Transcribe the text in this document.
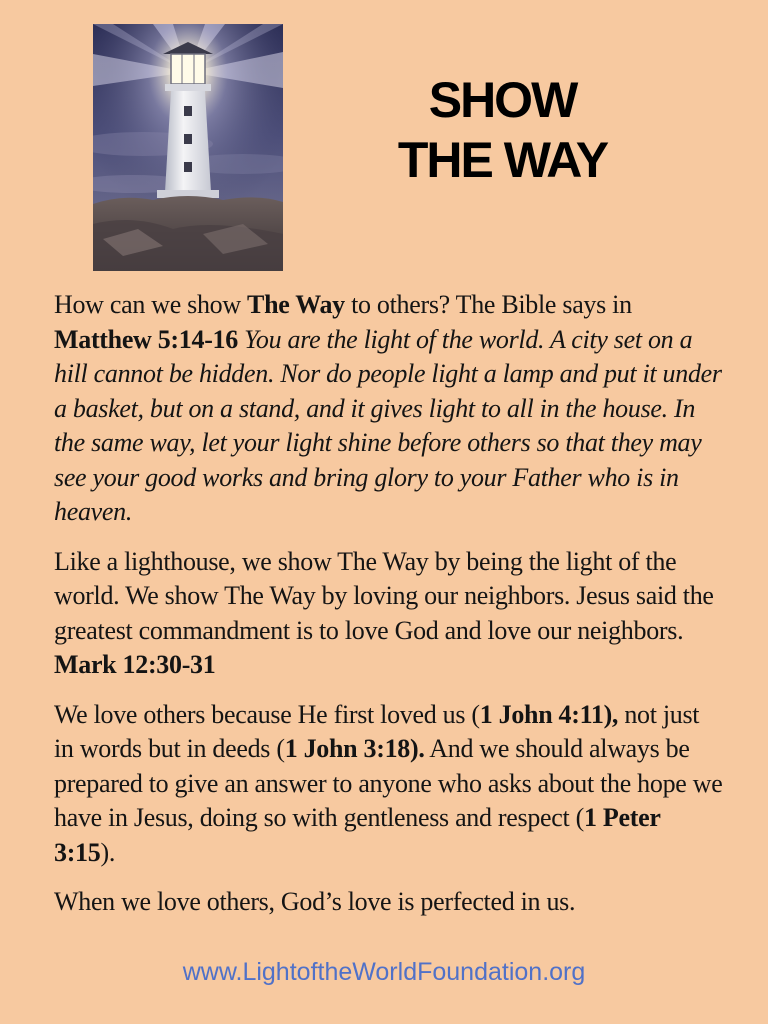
SHOW
THE WAY

How can we show The Way to others? The Bible says in Matthew 5:14-16 You are the light of the world. A city set on a hill cannot be hidden. Nor do people light a lamp and put it under a basket, but on a stand, and it gives light to all in the house. In the same way, let your light shine before others so that they may see your good works and bring glory to your Father who is in heaven.

Like a lighthouse, we show The Way by being the light of the world. We show The Way by loving our neighbors. Jesus said the greatest commandment is to love God and love our neighbors. Mark 12:30-31

We love others because He first loved us (1 John 4:11), not just in words but in deeds (1 John 3:18). And we should always be prepared to give an answer to anyone who asks about the hope we have in Jesus, doing so with gentleness and respect (1 Peter 3:15).

When we love others, God’s love is perfected in us.

www.LightoftheWorldFoundation.org
